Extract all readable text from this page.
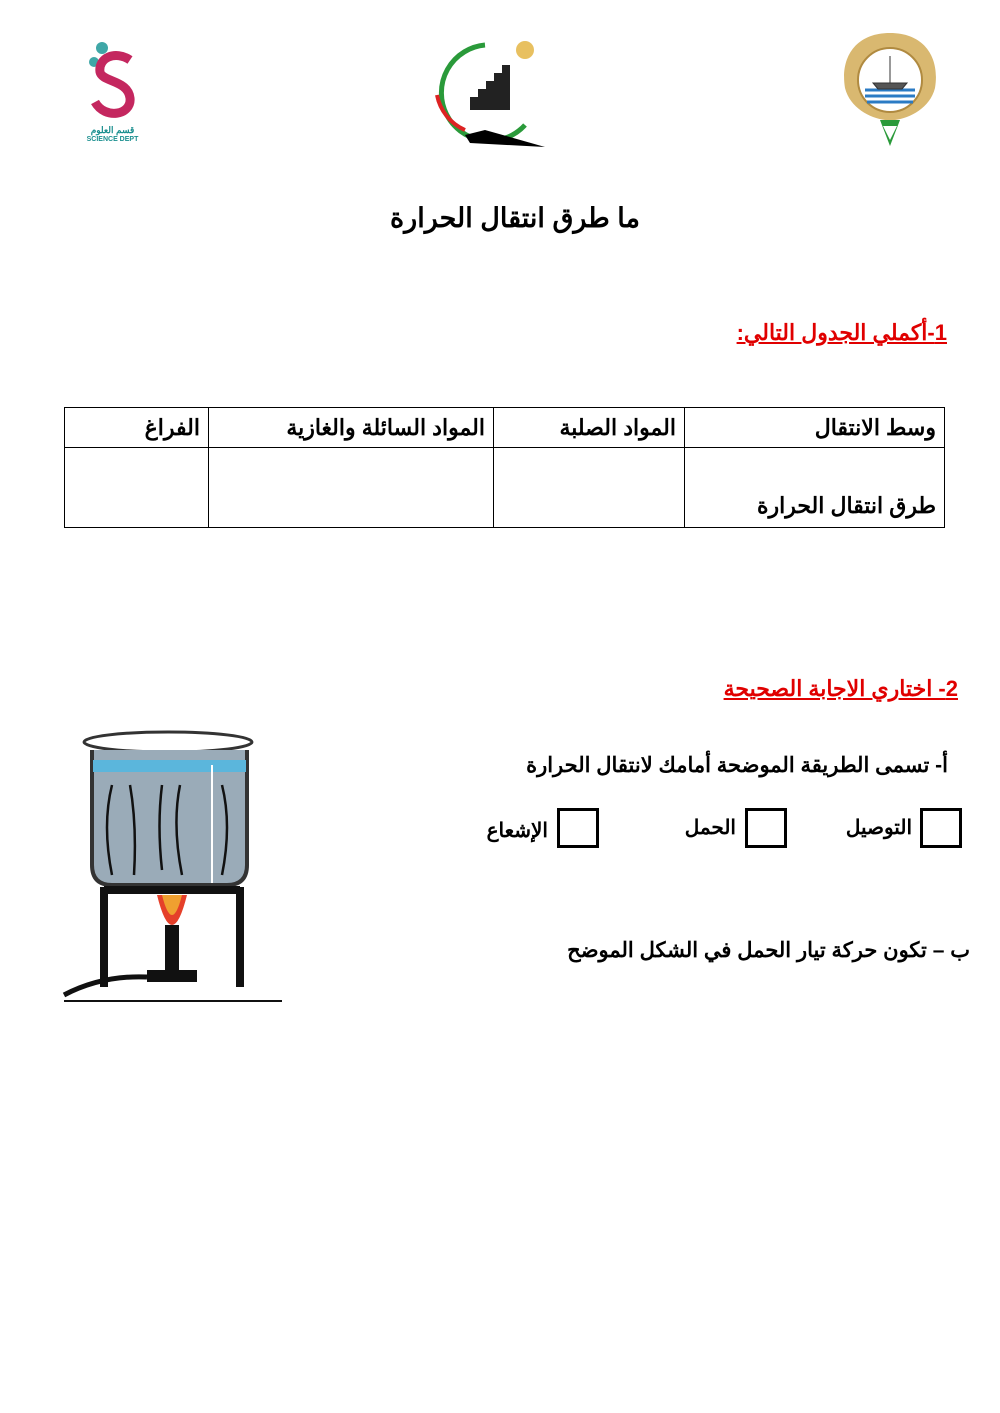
قسم العلوم
SCIENCE DEPT
ما طرق انتقال الحرارة
1-أكملي الجدول التالي:
وسط الانتقال	المواد الصلبة	المواد السائلة والغازية	الفراغ
طرق انتقال الحرارة			
2- اختاري الاجابة الصحيحة
أ- تسمى الطريقة الموضحة أمامك لانتقال الحرارة
التوصيل
الحمل
الإشعاع
ب – تكون حركة تيار الحمل في الشكل الموضح
